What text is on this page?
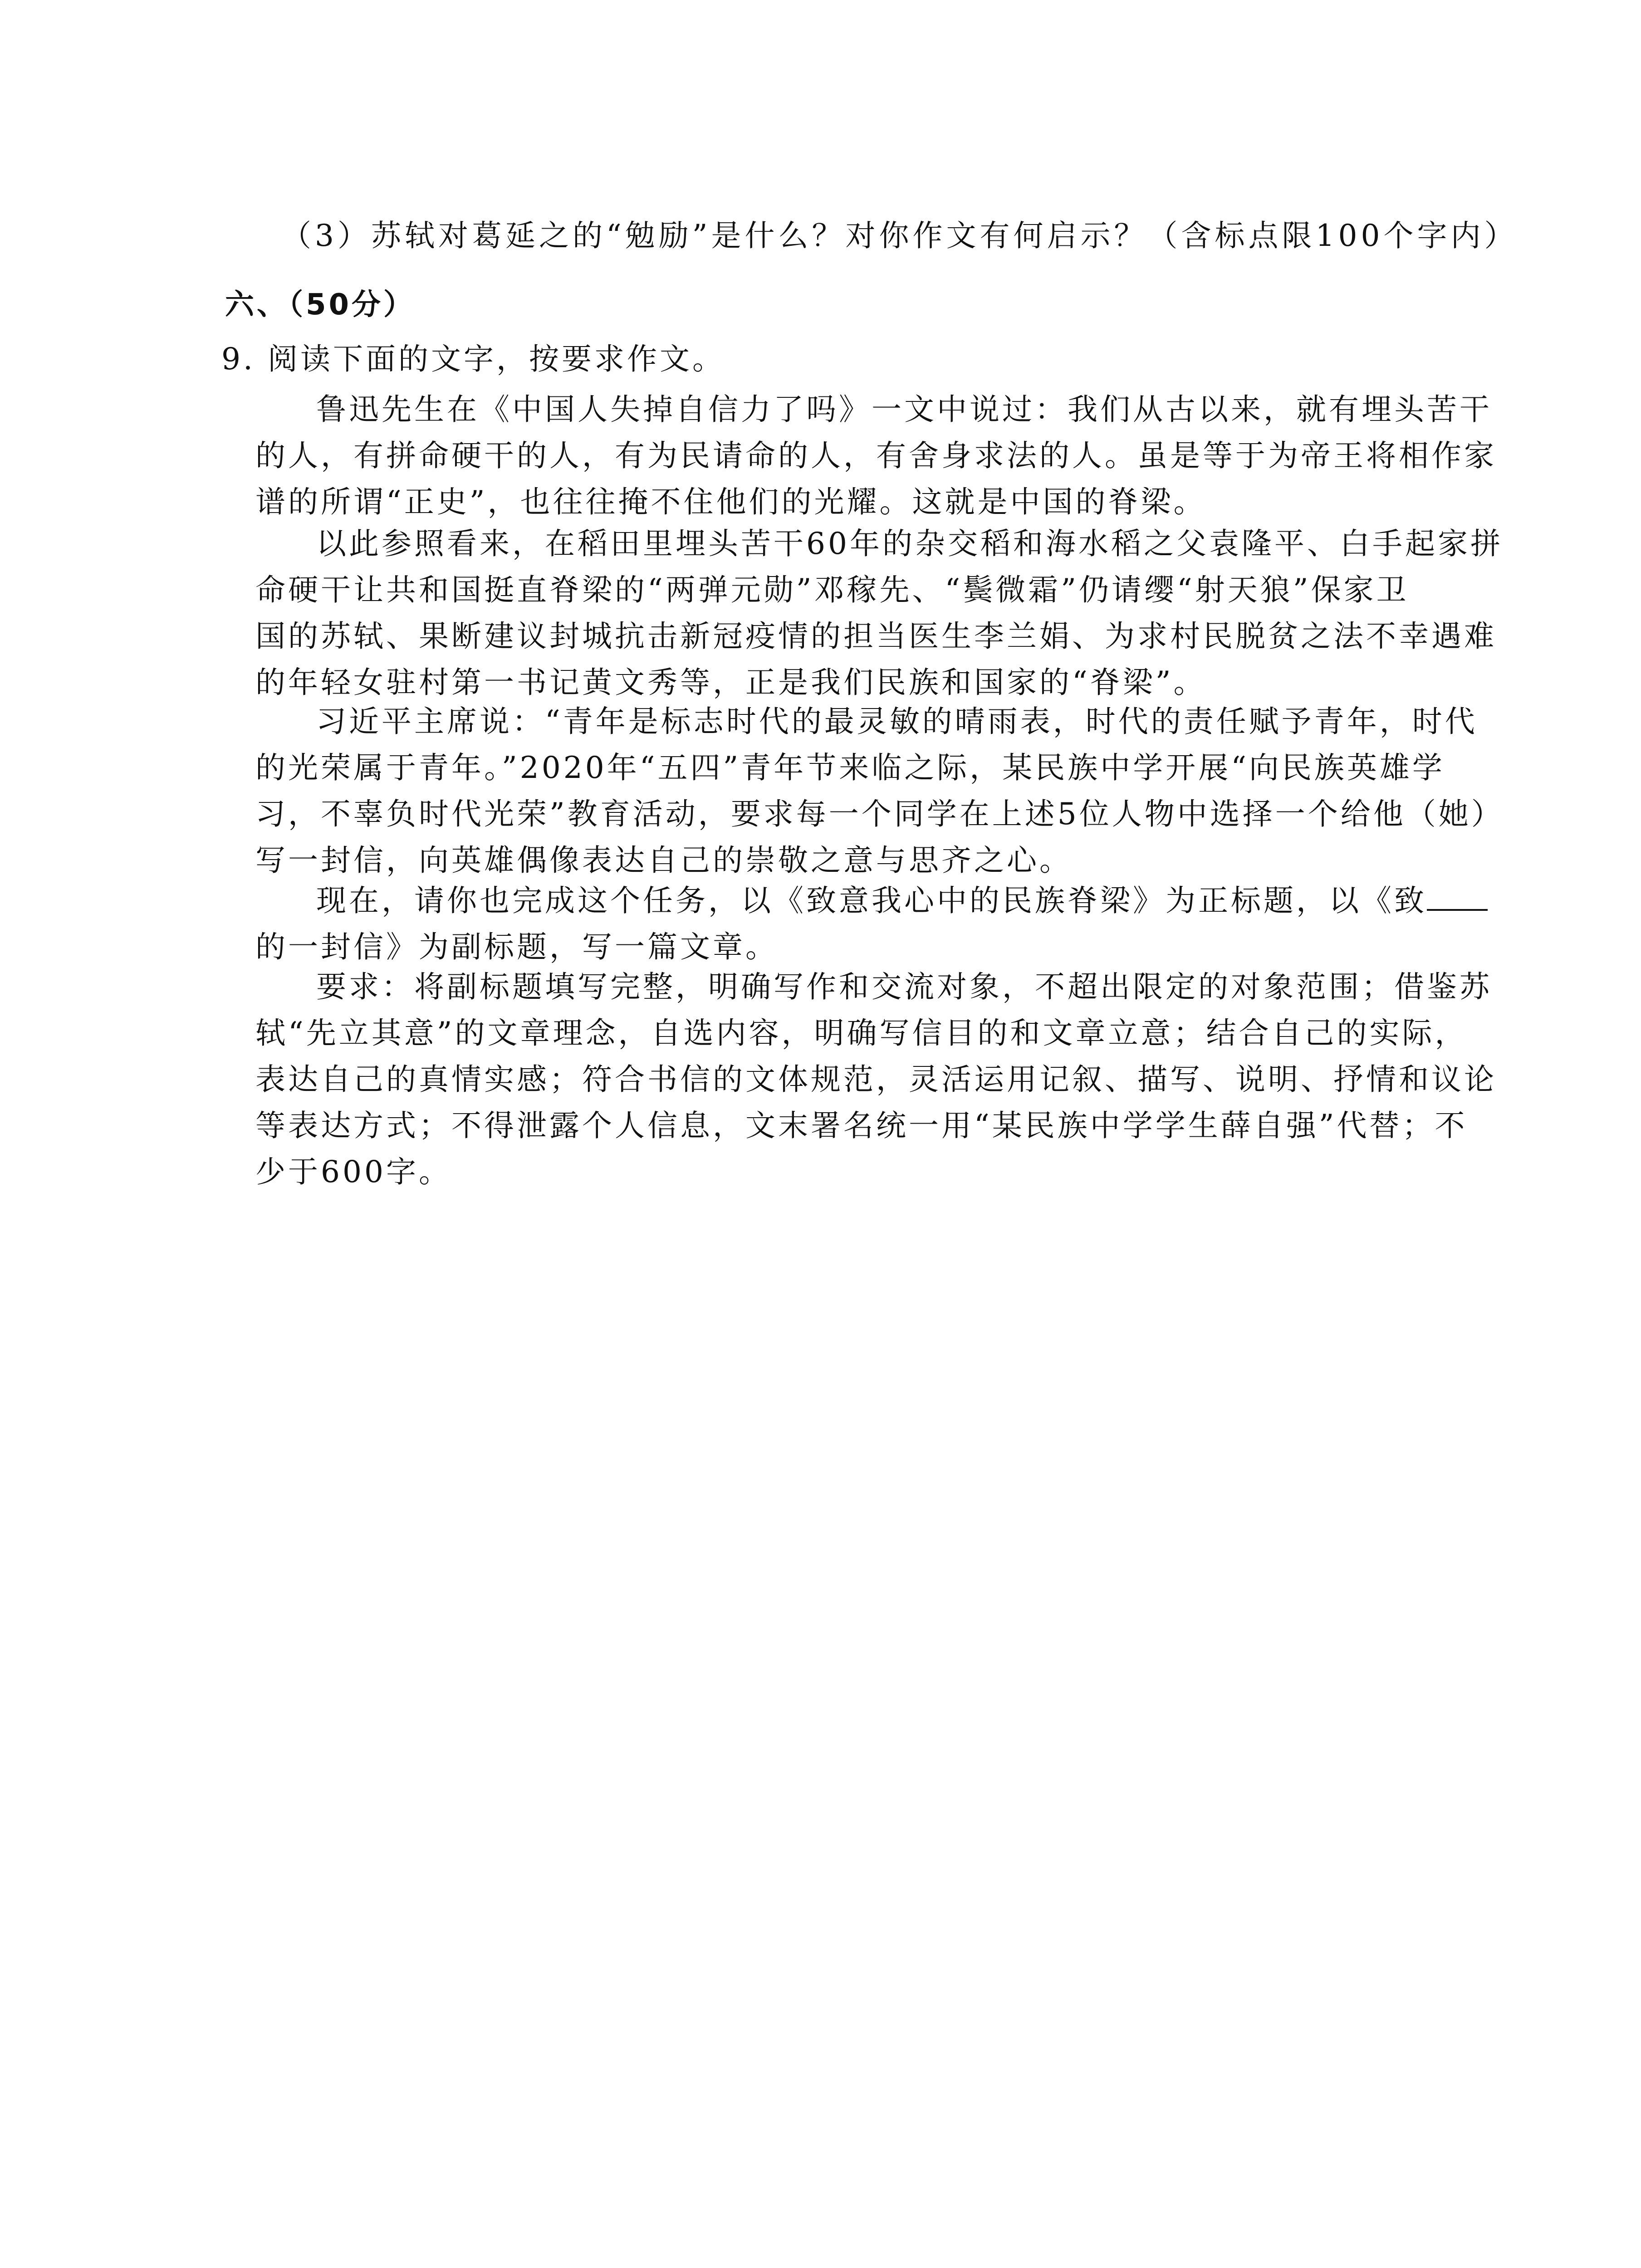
（3）苏轼对葛延之的“勉励”是什么？对你作文有何启示？（含标点限100个字内）
六、（50分）
9. 阅读下面的文字，按要求作文。
鲁迅先生在《中国人失掉自信力了吗》一文中说过：我们从古以来，就有埋头苦干
的人，有拼命硬干的人，有为民请命的人，有舍身求法的人。虽是等于为帝王将相作家
谱的所谓“正史”，也往往掩不住他们的光耀。这就是中国的脊梁。
以此参照看来，在稻田里埋头苦干60年的杂交稻和海水稻之父袁隆平、白手起家拼
命硬干让共和国挺直脊梁的“两弹元勋”邓稼先、“鬓微霜”仍请缨“射天狼”保家卫
国的苏轼、果断建议封城抗击新冠疫情的担当医生李兰娟、为求村民脱贫之法不幸遇难
的年轻女驻村第一书记黄文秀等，正是我们民族和国家的“脊梁”。
习近平主席说：“青年是标志时代的最灵敏的晴雨表，时代的责任赋予青年，时代
的光荣属于青年。”2020年“五四”青年节来临之际，某民族中学开展“向民族英雄学
习，不辜负时代光荣”教育活动，要求每一个同学在上述5位人物中选择一个给他（她）
写一封信，向英雄偶像表达自己的崇敬之意与思齐之心。
现在，请你也完成这个任务，以《致意我心中的民族脊梁》为正标题，以《致
的一封信》为副标题，写一篇文章。
要求：将副标题填写完整，明确写作和交流对象，不超出限定的对象范围；借鉴苏
轼“先立其意”的文章理念，自选内容，明确写信目的和文章立意；结合自己的实际，
表达自己的真情实感；符合书信的文体规范，灵活运用记叙、描写、说明、抒情和议论
等表达方式；不得泄露个人信息，文末署名统一用“某民族中学学生薛自强”代替；不
少于600字。
